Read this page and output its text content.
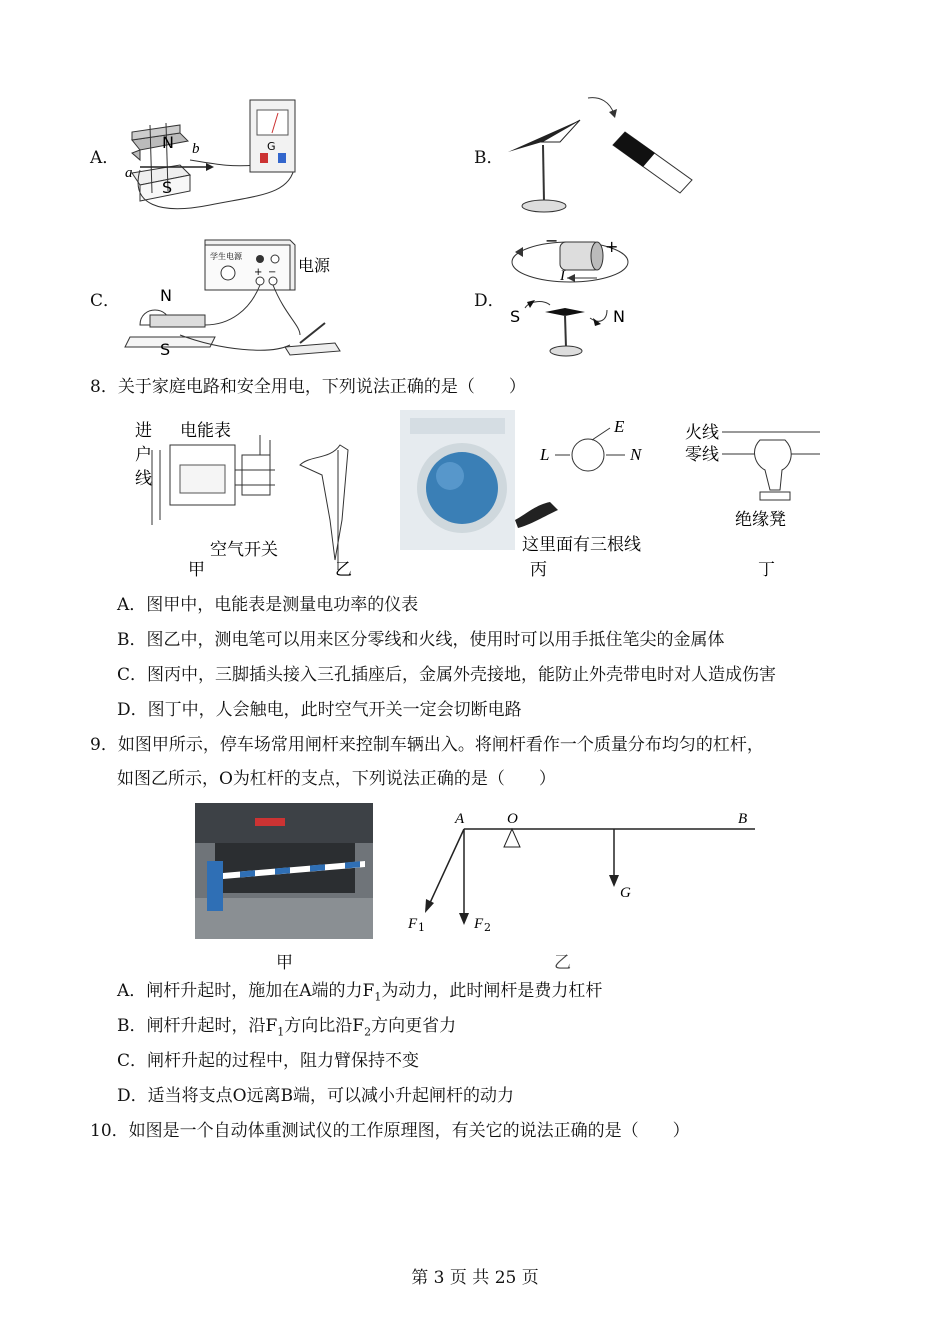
A．	B．
C．	D．
N
S
a
b	G
学生电源
+ − 电源
N
S
−	+
I
S	N
8．关于家庭电路和安全用电，下列说法正确的是（　　）
进
户
线
电能表
空气开关
甲	乙
这里面有三根线
丙
E
L	N
火线
零线
绝缘凳
丁
A．图甲中，电能表是测量电功率的仪表
B．图乙中，测电笔可以用来区分零线和火线，使用时可以用手抵住笔尖的金属体
C．图丙中，三脚插头接入三孔插座后，金属外壳接地，能防止外壳带电时对人造成伤害
D．图丁中，人会触电，此时空气开关一定会切断电路
9．如图甲所示，停车场常用闸杆来控制车辆出入。将闸杆看作一个质量分布均匀的杠杆，
如图乙所示，O为杠杆的支点，下列说法正确的是（　　）
A	O	B
G
F 1	F 2
甲	乙
A．闸杆升起时，施加在A端的力$F_1$为动力，此时闸杆是费力杠杆
B．闸杆升起时，沿$F_1$方向比沿$F_2$方向更省力
C．闸杆升起的过程中，阻力臂保持不变
D．适当将支点O远离B端，可以减小升起闸杆的动力
10．如图是一个自动体重测试仪的工作原理图，有关它的说法正确的是（　　）
第 3 页 共 25 页
